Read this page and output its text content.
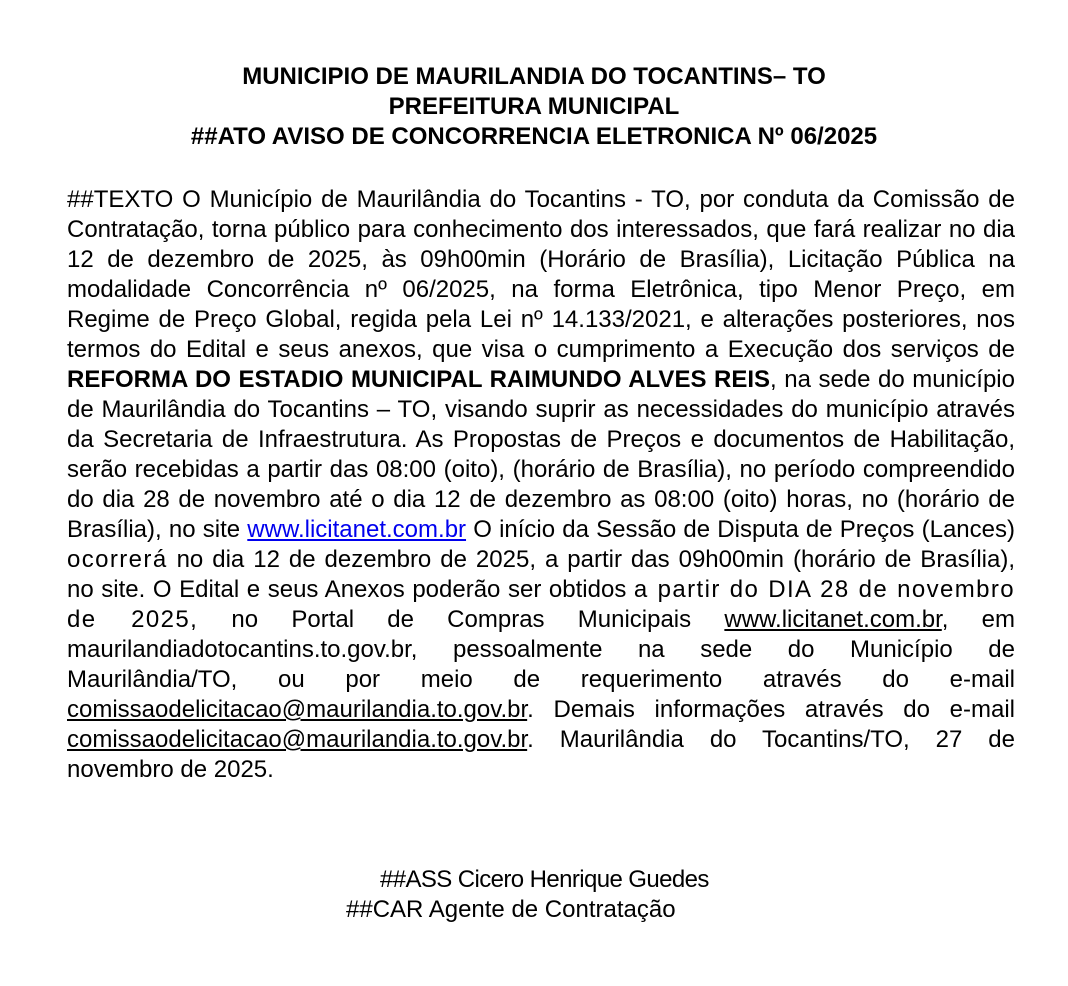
MUNICIPIO DE MAURILANDIA DO TOCANTINS– TO
PREFEITURA MUNICIPAL
##ATO AVISO DE CONCORRENCIA ELETRONICA Nº 06/2025
##TEXTO O Município de Maurilândia do Tocantins - TO, por conduta da Comissão de Contratação, torna público para conhecimento dos interessados, que fará realizar no dia 12 de dezembro de 2025, às 09h00min (Horário de Brasília), Licitação Pública na modalidade Concorrência nº 06/2025, na forma Eletrônica, tipo Menor Preço, em Regime de Preço Global, regida pela Lei nº 14.133/2021, e alterações posteriores, nos termos do Edital e seus anexos, que visa o cumprimento a Execução dos serviços de REFORMA DO ESTADIO MUNICIPAL RAIMUNDO ALVES REIS, na sede do município de Maurilândia do Tocantins – TO, visando suprir as necessidades do município através da Secretaria de Infraestrutura. As Propostas de Preços e documentos de Habilitação, serão recebidas a partir das 08:00 (oito), (horário de Brasília), no período compreendido do dia 28 de novembro até o dia 12 de dezembro as 08:00 (oito) horas, no (horário de Brasília), no site www.licitanet.com.br O início da Sessão de Disputa de Preços (Lances) ocorrerá no dia 12 de dezembro de 2025, a partir das 09h00min (horário de Brasília), no site. O Edital e seus Anexos poderão ser obtidos a partir do DIA 28 de novembro de 2025, no Portal de Compras Municipais www.licitanet.com.br, em maurilandiadotocantins.to.gov.br, pessoalmente na sede do Município de Maurilândia/TO, ou por meio de requerimento através do e-mail comissaodelicitacao@maurilandia.to.gov.br. Demais informações através do e-mail comissaodelicitacao@maurilandia.to.gov.br. Maurilândia do Tocantins/TO, 27 de novembro de 2025.
##ASS Cicero Henrique Guedes
##CAR Agente de Contratação
